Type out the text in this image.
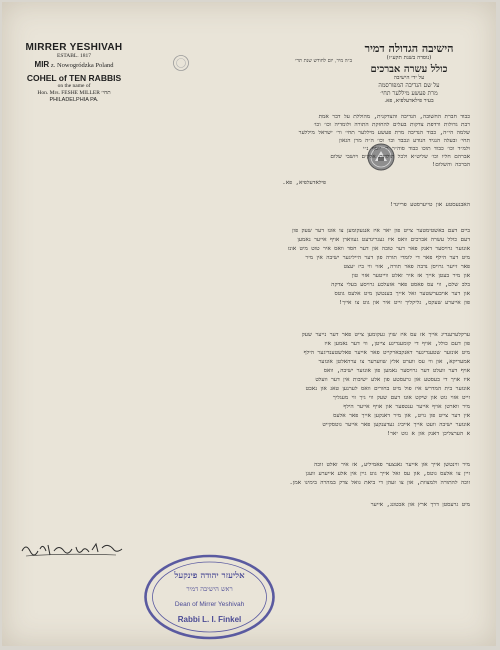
MIRRER YESHIVAH
ESTABL. 1817
MIR z. Nowogródzka Poland
COHEL of TEN RABBIS
on the name of
Hon. Mrs. FESHE MILLER תחי׳
PHILADELPHIA PA.
ב״ה מיר, יום לחודש שנת תר״
הישיבה הגדולה דמיר
(נוסדה בשנת תקע״ז)
כולל עשרה אברכים
על ידי הישיבה
על שם הנדיבה המפורסמה
מרת פעשע מיללער תחי׳
בעיר פילאדעלפיא, פא.
כבוד חברת החשובה, הנדיבה והצדקנית, מהוללת על דבר אמת
רבת גדולות ורדפת צדקות בעלים להחזקת התורה ולומדיה וכו׳ וכו׳
שלמה הי״ה, כבוד הנדיבה מרת פעשע מיללער תחי׳ ור׳ ישראל מיללער
תחי׳ ובעלה הנגיד הנודע ונכבד וכו׳ וכו׳ ה״ה מרן הגאון
ולמ״ד וכו׳ כבוד תוכו כבוד סוה״ר ר׳ יוסף נ״י
אברהם חליו וכו׳ שליט״א ולכל תולדות אלקים ויושבי שלום
הברכה והשלום!
פילאדעלפיא, פא.
האבנעסטע און טייערסטע פריינד!
ביים דעם באשטימטער צייט פון יאר איז אנגעקומען צו אונז דער שעק פון
דעם כולל עשרה אברכים וואס איז געגרינדעט געווארן אויף אייער נאמען
אונזער גרויסער דאנק פאר דער טובה און דער חסד וואס איר טוט מיט אונז
מיט דער הילף פאר די לומדי תורה פון דער הייליגער ישיבה אין מיר
פאר זייער גרויסן נדבה פאר תורה, אזוי ווי ביז יעצט
און מיר בעטן אייך אז איר זאלט ווייטער אזוי טון
בלב שלם, ווי עס פאסט פאר אזעלכע גרויסע בעלי צדקה
און דער אויבערשטער זאל אייך בענטשן מיט אלעס גוטס
פון אייערע שעקס, גליקליך זייט איר און גוט צו אייך!
ערקלערענדיג אייך אז עס איז שוין געקומען צייט פאר דער נייער שעק
פון דעם כולל, אויף די קומענדיגע צייטן, ווי דער נאמען איז
מיט אונזער שטענדיגער דאנקבארקייט פאר אייער פאלשטענדיגער הילף
אמעריקא, און ווי עס ווערט אלץ שווערער צו ערהאלטן אונזער
אויף דער וועלט דער גרויסער נאמען פון אונזער ישיבה, וואס
איז אויך די בעסטע און גרעסטע פון אלע ישיבות אין דער וועלט
אונזער בית המדרש איז פול מיט בחורים וואס לערנען טאג און נאכט
זייט אזוי גוט און שיקט אונז דעם שעק ווי גיך ווי מעגליך
מיר ווארטן אויף אייער ענטפער און אויף אייער הילף
אין דער צייט פון נויט, און מיר דאנקען אייך פאר אלעס
אונזער ישיבה וועט אייך אייביג געדענקען פאר אייער גוטסקייט
א הערצליכן דאנק און א גוט יאר!
מיר ווינטשן אייך און אייער גאנצער פאמיליע, אז איר זאלט זוכה
זיין צו אלעס גוטס, און עס זאל אייך גוט גיין אין אלע אייערע וועגן
זוכה להתורה ולמצוות, און צו זעהן די ביאת גואל צדק במהרה בימינו אמן.
מיט גרעסטן דרך ארץ און אכטונג, אייער
אליעזר יהודה פינקעל
ראש הישיבה דמיר
Dean of Mirrer Yeshivah
Rabbi L. I. Finkel
